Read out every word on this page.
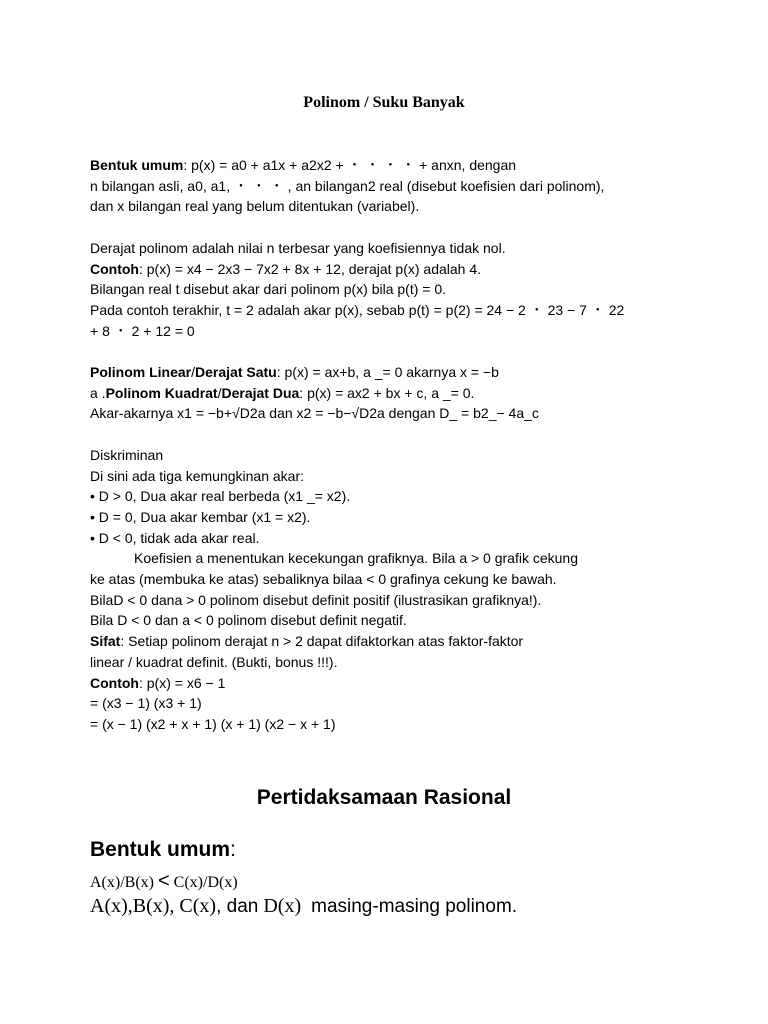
Polinom / Suku Banyak
Bentuk umum: p(x) = a0 + a1x + a2x2 + ・ ・ ・ ・ + anxn, dengan
n bilangan asli, a0, a1, ・ ・ ・ , an bilangan2 real (disebut koefisien dari polinom),
dan x bilangan real yang belum ditentukan (variabel).
Derajat polinom adalah nilai n terbesar yang koefisiennya tidak nol.
Contoh: p(x) = x4 − 2x3 − 7x2 + 8x + 12, derajat p(x) adalah 4.
Bilangan real t disebut akar dari polinom p(x) bila p(t) = 0.
Pada contoh terakhir, t = 2 adalah akar p(x), sebab p(t) = p(2) = 24 − 2 ・ 23 − 7 ・ 22
+ 8 ・ 2 + 12 = 0
Polinom Linear/Derajat Satu: p(x) = ax+b, a _= 0 akarnya x = −b
a .Polinom Kuadrat/Derajat Dua: p(x) = ax2 + bx + c, a _= 0.
Akar-akarnya x1 = −b+√D2a dan x2 = −b−√D2a dengan D_ = b2_− 4a_c
Diskriminan
Di sini ada tiga kemungkinan akar:
• D > 0, Dua akar real berbeda (x1 _= x2).
• D = 0, Dua akar kembar (x1 = x2).
• D < 0, tidak ada akar real.
Koefisien a menentukan kecekungan grafiknya. Bila a > 0 grafik cekung
ke atas (membuka ke atas) sebaliknya bilaa < 0 grafinya cekung ke bawah.
BilaD < 0 dana > 0 polinom disebut definit positif (ilustrasikan grafiknya!).
Bila D < 0 dan a < 0 polinom disebut definit negatif.
Sifat: Setiap polinom derajat n > 2 dapat difaktorkan atas faktor-faktor
linear / kuadrat definit. (Bukti, bonus !!!).
Contoh: p(x) = x6 − 1
= (x3 − 1) (x3 + 1)
= (x − 1) (x2 + x + 1) (x + 1) (x2 − x + 1)
Pertidaksamaan Rasional
Bentuk umum:
A(x)/B(x) < C(x)/D(x)
A(x),B(x), C(x), dan D(x) masing-masing polinom.
